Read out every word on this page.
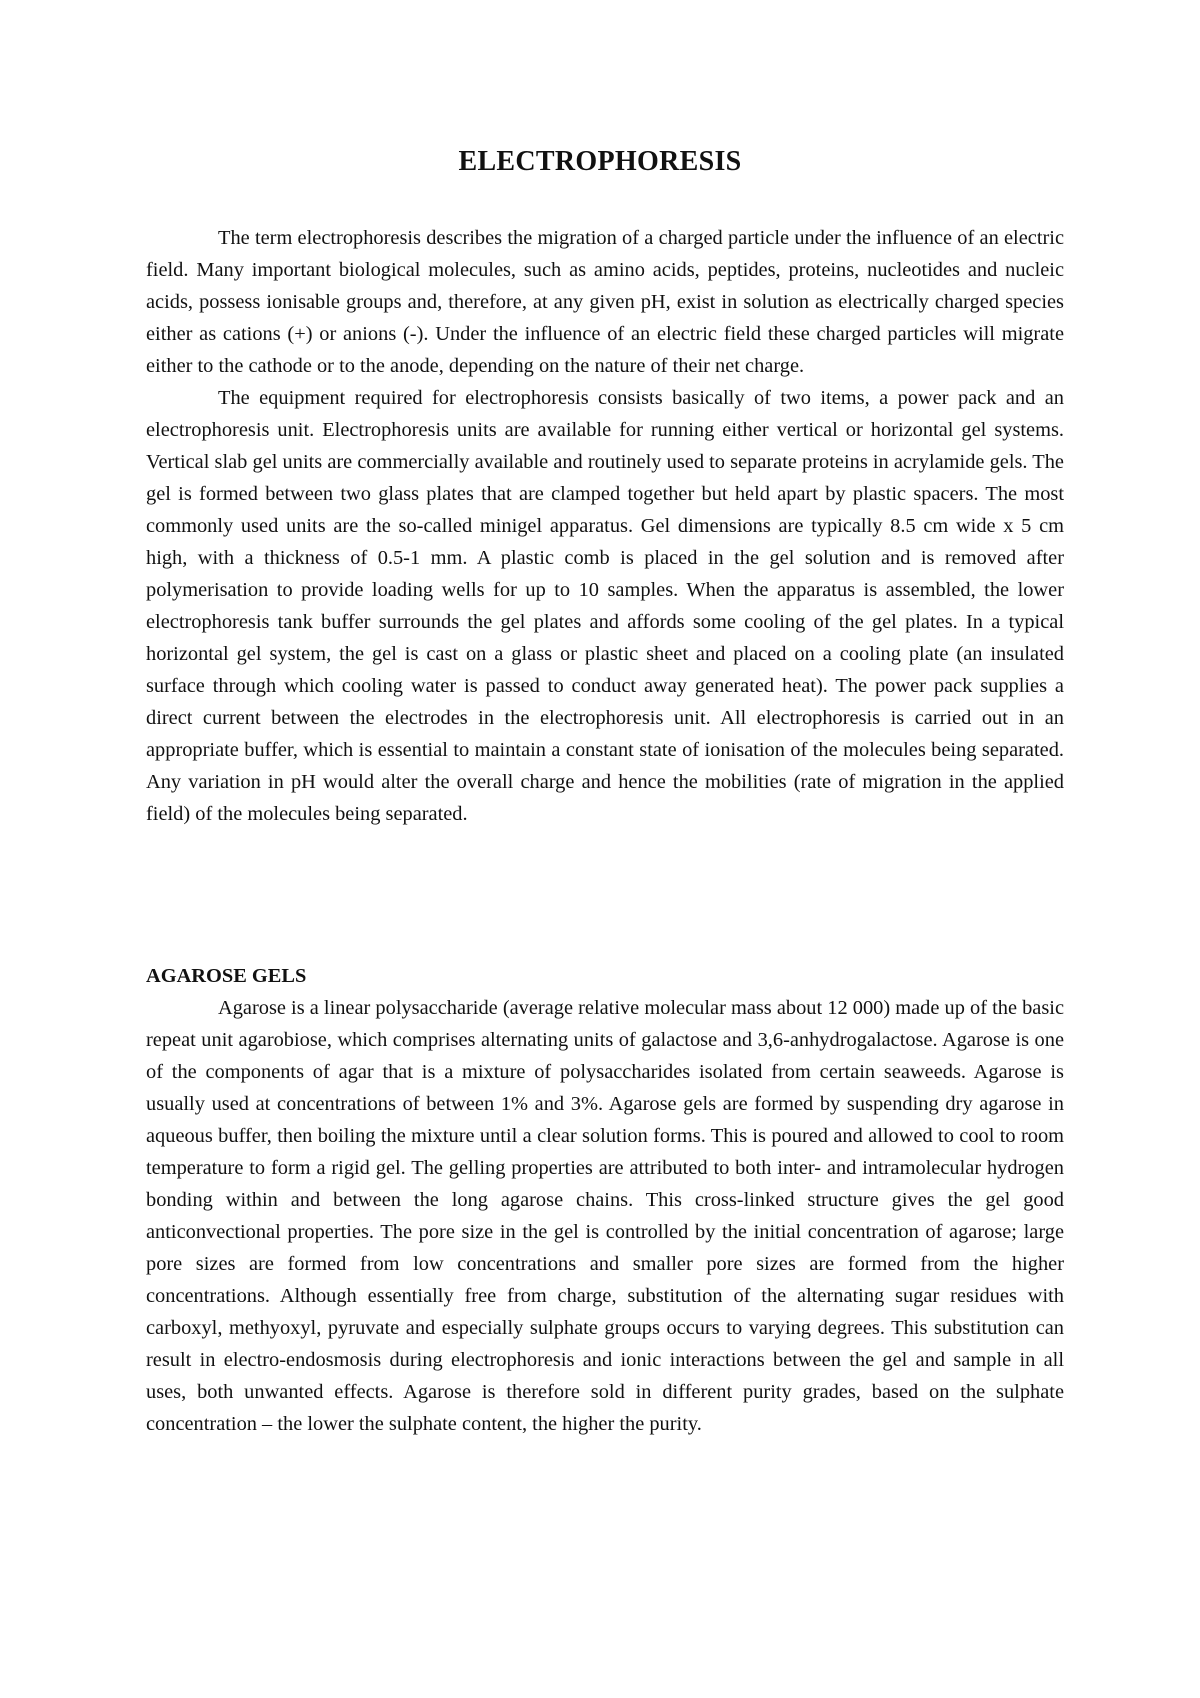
ELECTROPHORESIS

The term electrophoresis describes the migration of a charged particle under the influence of an electric field. Many important biological molecules, such as amino acids, peptides, proteins, nucleotides and nucleic acids, possess ionisable groups and, therefore, at any given pH, exist in solution as electrically charged species either as cations (+) or anions (-). Under the influence of an electric field these charged particles will migrate either to the cathode or to the anode, depending on the nature of their net charge.

The equipment required for electrophoresis consists basically of two items, a power pack and an electrophoresis unit. Electrophoresis units are available for running either vertical or horizontal gel systems. Vertical slab gel units are commercially available and routinely used to separate proteins in acrylamide gels. The gel is formed between two glass plates that are clamped together but held apart by plastic spacers. The most commonly used units are the so-called minigel apparatus. Gel dimensions are typically 8.5 cm wide x 5 cm high, with a thickness of 0.5-1 mm. A plastic comb is placed in the gel solution and is removed after polymerisation to provide loading wells for up to 10 samples. When the apparatus is assembled, the lower electrophoresis tank buffer surrounds the gel plates and affords some cooling of the gel plates. In a typical horizontal gel system, the gel is cast on a glass or plastic sheet and placed on a cooling plate (an insulated surface through which cooling water is passed to conduct away generated heat). The power pack supplies a direct current between the electrodes in the electrophoresis unit. All electrophoresis is carried out in an appropriate buffer, which is essential to maintain a constant state of ionisation of the molecules being separated. Any variation in pH would alter the overall charge and hence the mobilities (rate of migration in the applied field) of the molecules being separated.

AGAROSE GELS

Agarose is a linear polysaccharide (average relative molecular mass about 12 000) made up of the basic repeat unit agarobiose, which comprises alternating units of galactose and 3,6-anhydrogalactose. Agarose is one of the components of agar that is a mixture of polysaccharides isolated from certain seaweeds. Agarose is usually used at concentrations of between 1% and 3%. Agarose gels are formed by suspending dry agarose in aqueous buffer, then boiling the mixture until a clear solution forms. This is poured and allowed to cool to room temperature to form a rigid gel. The gelling properties are attributed to both inter- and intramolecular hydrogen bonding within and between the long agarose chains. This cross-linked structure gives the gel good anticonvectional properties. The pore size in the gel is controlled by the initial concentration of agarose; large pore sizes are formed from low concentrations and smaller pore sizes are formed from the higher concentrations. Although essentially free from charge, substitution of the alternating sugar residues with carboxyl, methyoxyl, pyruvate and especially sulphate groups occurs to varying degrees. This substitution can result in electro-endosmosis during electrophoresis and ionic interactions between the gel and sample in all uses, both unwanted effects. Agarose is therefore sold in different purity grades, based on the sulphate concentration – the lower the sulphate content, the higher the purity.
